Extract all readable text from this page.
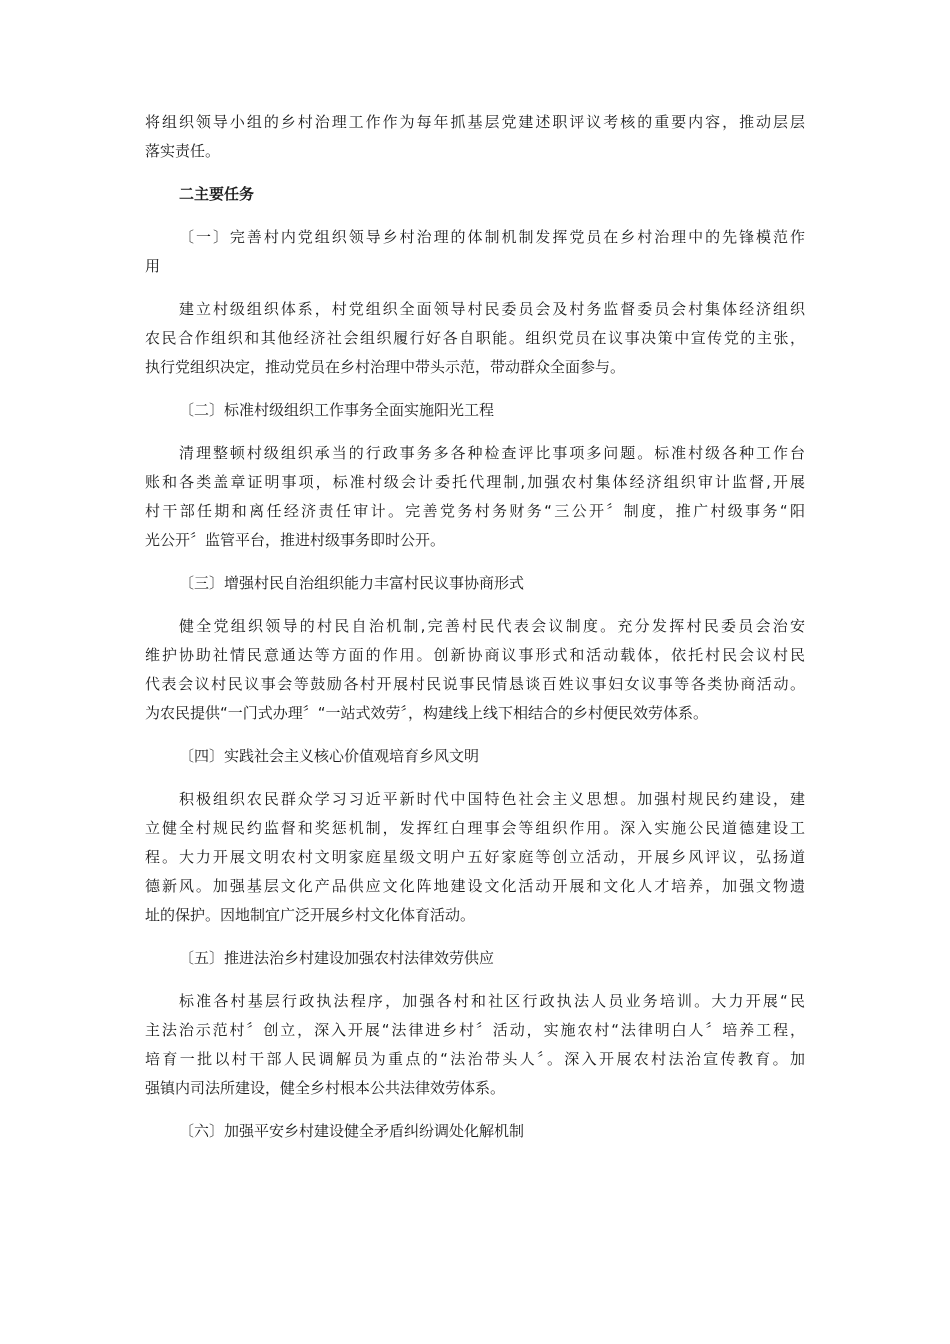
将组织领导小组的乡村治理工作作为每年抓基层党建述职评议考核的重要内容，推动层层
落实责任。
二主要任务
〔一〕完善村内党组织领导乡村治理的体制机制发挥党员在乡村治理中的先锋模范作
用
建立村级组织体系，村党组织全面领导村民委员会及村务监督委员会村集体经济组织
农民合作组织和其他经济社会组织履行好各自职能。组织党员在议事决策中宣传党的主张，
执行党组织决定，推动党员在乡村治理中带头示范，带动群众全面参与。
〔二〕标准村级组织工作事务全面实施阳光工程
清理整顿村级组织承当的行政事务多各种检查评比事项多问题。标准村级各种工作台
账和各类盖章证明事项，标准村级会计委托代理制,加强农村集体经济组织审计监督,开展
村干部任期和离任经济责任审计。完善党务村务财务“三公开〞制度，推广村级事务“阳
光公开〞监管平台，推进村级事务即时公开。
〔三〕增强村民自治组织能力丰富村民议事协商形式
健全党组织领导的村民自治机制,完善村民代表会议制度。充分发挥村民委员会治安
维护协助社情民意通达等方面的作用。创新协商议事形式和活动载体，依托村民会议村民
代表会议村民议事会等鼓励各村开展村民说事民情恳谈百姓议事妇女议事等各类协商活动。
为农民提供“一门式办理〞“一站式效劳〞，构建线上线下相结合的乡村便民效劳体系。
〔四〕实践社会主义核心价值观培育乡风文明
积极组织农民群众学习习近平新时代中国特色社会主义思想。加强村规民约建设，建
立健全村规民约监督和奖惩机制，发挥红白理事会等组织作用。深入实施公民道德建设工
程。大力开展文明农村文明家庭星级文明户五好家庭等创立活动，开展乡风评议，弘扬道
德新风。加强基层文化产品供应文化阵地建设文化活动开展和文化人才培养，加强文物遗
址的保护。因地制宜广泛开展乡村文化体育活动。
〔五〕推进法治乡村建设加强农村法律效劳供应
标准各村基层行政执法程序，加强各村和社区行政执法人员业务培训。大力开展“民
主法治示范村〞创立，深入开展“法律进乡村〞活动，实施农村“法律明白人〞培养工程，
培育一批以村干部人民调解员为重点的“法治带头人〞。深入开展农村法治宣传教育。加
强镇内司法所建设，健全乡村根本公共法律效劳体系。
〔六〕加强平安乡村建设健全矛盾纠纷调处化解机制
